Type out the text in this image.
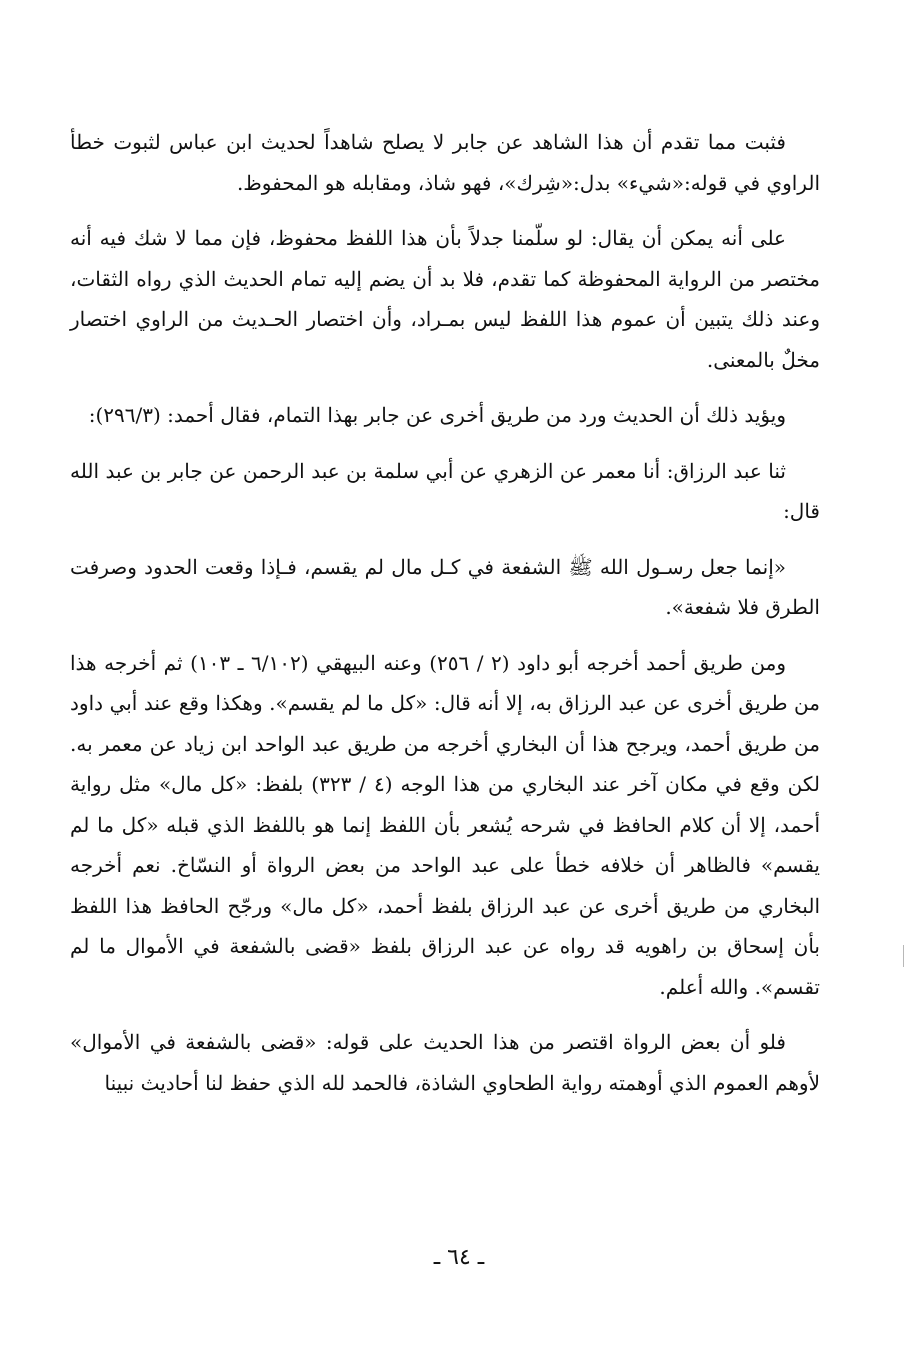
فثبت مما تقدم أن هذا الشاهد عن جابر لا يصلح شاهداً لحديث ابن عباس لثبوت خطأ الراوي في قوله:«شيء» بدل:«شِرك»، فهو شاذ، ومقابله هو المحفوظ.

على أنه يمكن أن يقال: لو سلّمنا جدلاً بأن هذا اللفظ محفوظ، فإن مما لا شك فيه أنه مختصر من الرواية المحفوظة كما تقدم، فلا بد أن يضم إليه تمام الحديث الذي رواه الثقات، وعند ذلك يتبين أن عموم هذا اللفظ ليس بمـراد، وأن اختصار الحـديث من الراوي اختصار مخلٌ بالمعنى.

ويؤيد ذلك أن الحديث ورد من طريق أخرى عن جابر بهذا التمام، فقال أحمد: (٢٩٦/٣):

ثنا عبد الرزاق: أنا معمر عن الزهري عن أبي سلمة بن عبد الرحمن عن جابر بن عبد الله قال:

«إنما جعل رسـول الله ﷺ الشفعة في كـل مال لم يقسم، فـإذا وقعت الحدود وصرفت الطرق فلا شفعة».

ومن طريق أحمد أخرجه أبو داود (٢ / ٢٥٦) وعنه البيهقي (٦/١٠٢ ـ ١٠٣) ثم أخرجه هذا من طريق أخرى عن عبد الرزاق به، إلا أنه قال: «كل ما لم يقسم». وهكذا وقع عند أبي داود من طريق أحمد، ويرجح هذا أن البخاري أخرجه من طريق عبد الواحد ابن زياد عن معمر به. لكن وقع في مكان آخر عند البخاري من هذا الوجه (٤ / ٣٢٣) بلفظ: «كل مال» مثل رواية أحمد، إلا أن كلام الحافظ في شرحه يُشعر بأن اللفظ إنما هو باللفظ الذي قبله «كل ما لم يقسم» فالظاهر أن خلافه خطأ على عبد الواحد من بعض الرواة أو النسّاخ. نعم أخرجه البخاري من طريق أخرى عن عبد الرزاق بلفظ أحمد، «كل مال» ورجّح الحافظ هذا اللفظ بأن إسحاق بن راهويه قد رواه عن عبد الرزاق بلفظ «قضى بالشفعة في الأموال ما لم تقسم». والله أعلم.

فلو أن بعض الرواة اقتصر من هذا الحديث على قوله: «قضى بالشفعة في الأموال» لأوهم العموم الذي أوهمته رواية الطحاوي الشاذة، فالحمد لله الذي حفظ لنا أحاديث نبينا

ـ ٦٤ ـ
